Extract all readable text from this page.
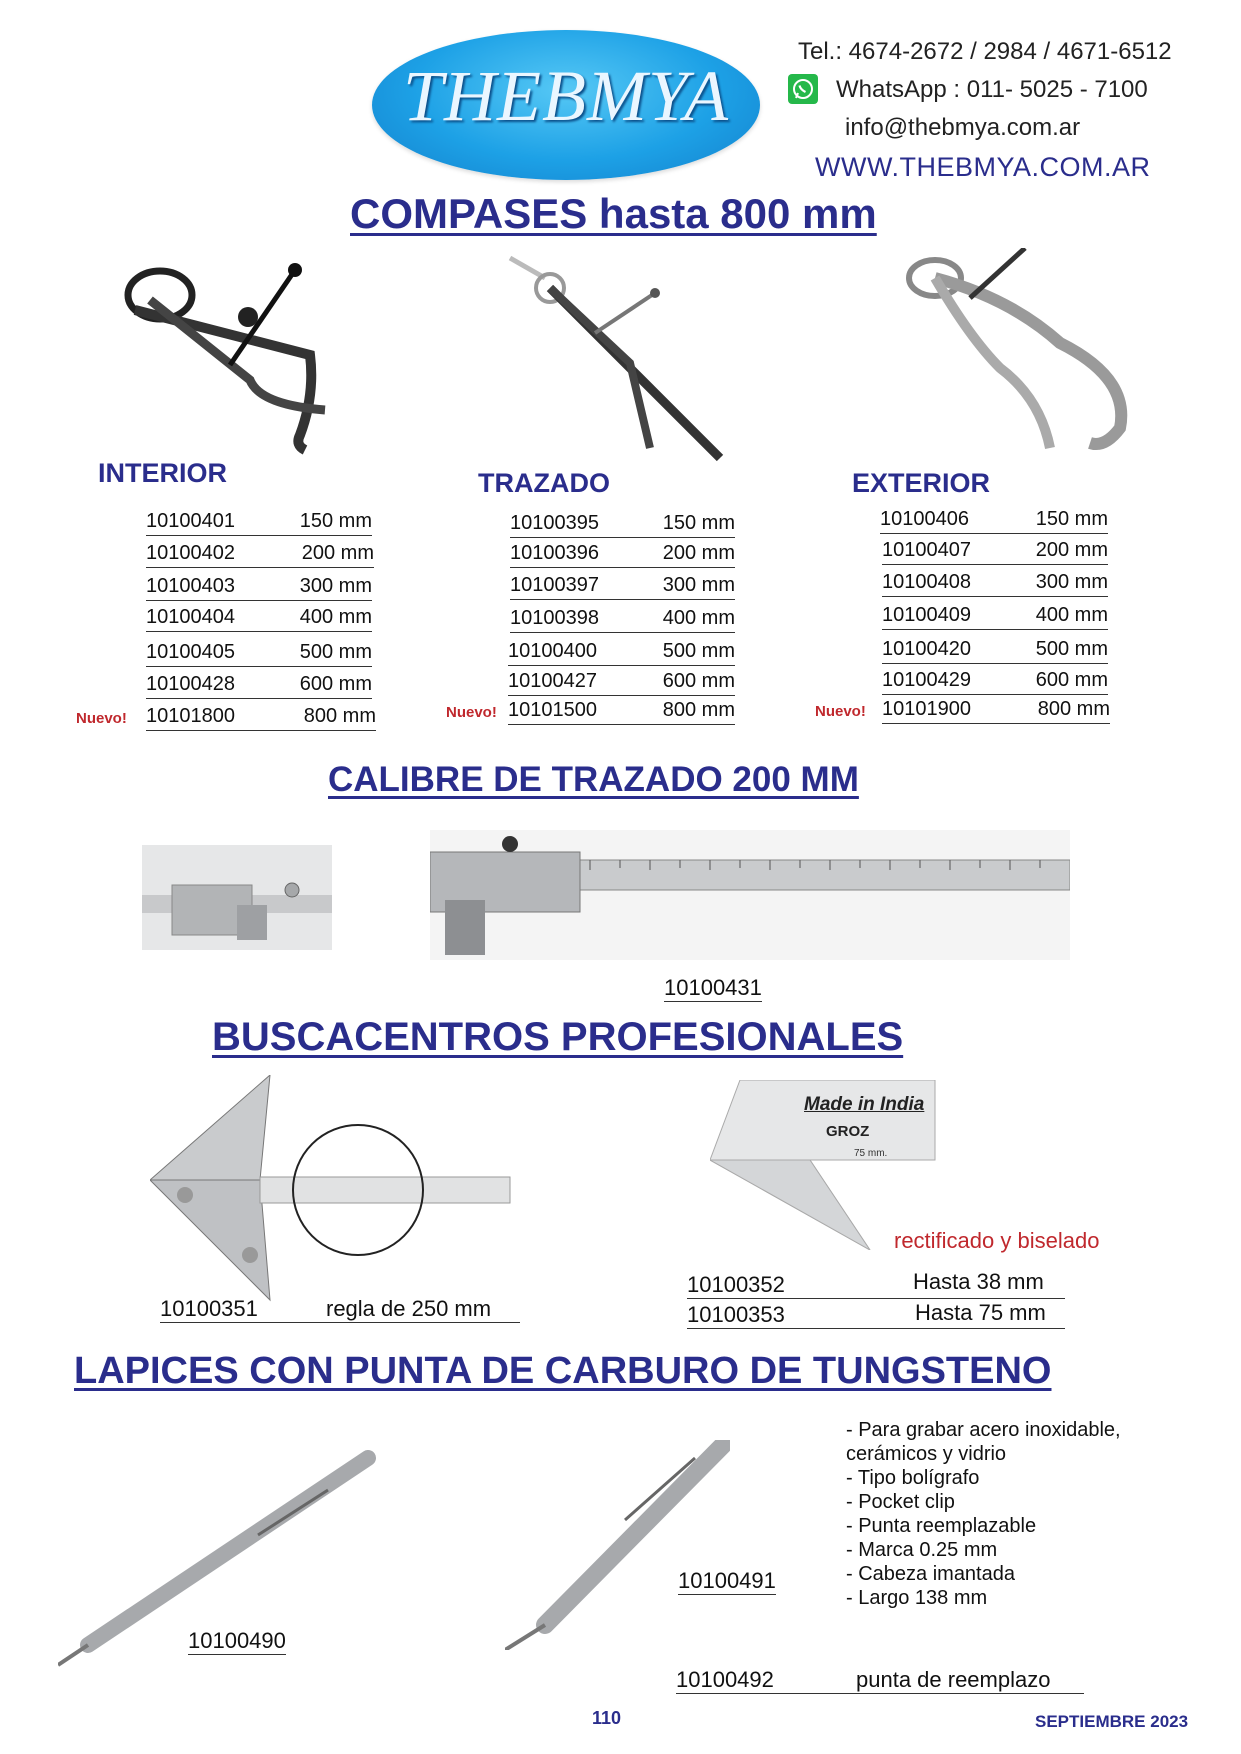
THEBMYA
Tel.: 4674-2672 / 2984 / 4671-6512
WhatsApp : 011- 5025 - 7100
info@thebmya.com.ar
WWW.THEBMYA.COM.AR
COMPASES hasta 800 mm
INTERIOR	TRAZADO	EXTERIOR
10100401	150 mm
10100402	200 mm
10100403	300 mm
10100404	400 mm
10100405	500 mm
10100428	600 mm
10101800	800 mm
Nuevo!
10100395	150 mm
10100396	200 mm
10100397	300 mm
10100398	400 mm
10100400	500 mm
10100427	600 mm
10101500	800 mm
Nuevo!
10100406	150 mm
10100407	200 mm
10100408	300 mm
10100409	400 mm
10100420	500 mm
10100429	600 mm
10101900	800 mm
Nuevo!
CALIBRE DE TRAZADO 200 MM
10100431
BUSCACENTROS PROFESIONALES
10100351	regla de 250 mm
Made in India
GROZ
75 mm.
rectificado y biselado
10100352	Hasta 38 mm
10100353	Hasta 75 mm
LAPICES CON PUNTA DE CARBURO DE TUNGSTENO
10100490
10100491
- Para grabar acero inoxidable,
cerámicos y vidrio
- Tipo bolígrafo
- Pocket clip
- Punta reemplazable
- Marca 0.25 mm
- Cabeza imantada
- Largo 138 mm
10100492	punta de reemplazo
110	SEPTIEMBRE 2023
